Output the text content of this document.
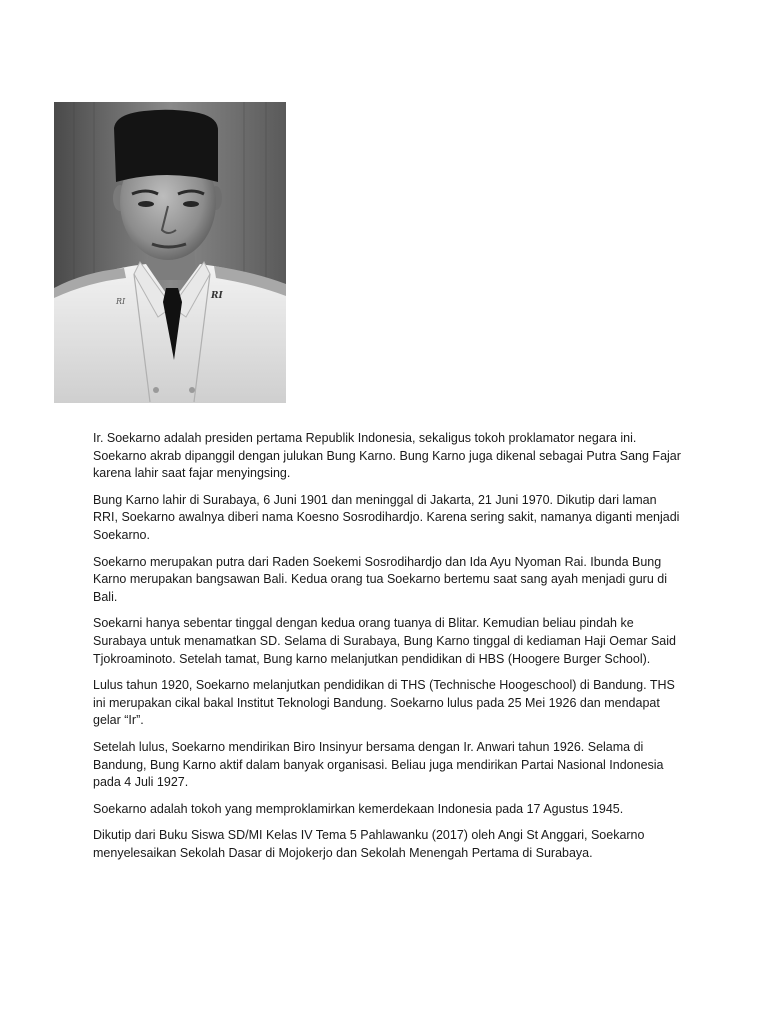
RI
RI

Ir. Soekarno adalah presiden pertama Republik Indonesia, sekaligus tokoh proklamator negara ini. Soekarno akrab dipanggil dengan julukan Bung Karno. Bung Karno juga dikenal sebagai Putra Sang Fajar karena lahir saat fajar menyingsing.

Bung Karno lahir di Surabaya, 6 Juni 1901 dan meninggal di Jakarta, 21 Juni 1970. Dikutip dari laman RRI, Soekarno awalnya diberi nama Koesno Sosrodihardjo. Karena sering sakit, namanya diganti menjadi Soekarno.

Soekarno merupakan putra dari Raden Soekemi Sosrodihardjo dan Ida Ayu Nyoman Rai. Ibunda Bung Karno merupakan bangsawan Bali. Kedua orang tua Soekarno bertemu saat sang ayah menjadi guru di Bali.

Soekarni hanya sebentar tinggal dengan kedua orang tuanya di Blitar. Kemudian beliau pindah ke Surabaya untuk menamatkan SD. Selama di Surabaya, Bung Karno tinggal di kediaman Haji Oemar Said Tjokroaminoto. Setelah tamat, Bung karno melanjutkan pendidikan di HBS (Hoogere Burger School).

Lulus tahun 1920, Soekarno melanjutkan pendidikan di THS (Technische Hoogeschool) di Bandung. THS ini merupakan cikal bakal Institut Teknologi Bandung. Soekarno lulus pada 25 Mei 1926 dan mendapat gelar “Ir”.

Setelah lulus, Soekarno mendirikan Biro Insinyur bersama dengan Ir. Anwari tahun 1926. Selama di Bandung, Bung Karno aktif dalam banyak organisasi. Beliau juga mendirikan Partai Nasional Indonesia pada 4 Juli 1927.

Soekarno adalah tokoh yang memproklamirkan kemerdekaan Indonesia pada 17 Agustus 1945.

Dikutip dari Buku Siswa SD/MI Kelas IV Tema 5 Pahlawanku (2017) oleh Angi St Anggari, Soekarno menyelesaikan Sekolah Dasar di Mojokerjo dan Sekolah Menengah Pertama di Surabaya.
